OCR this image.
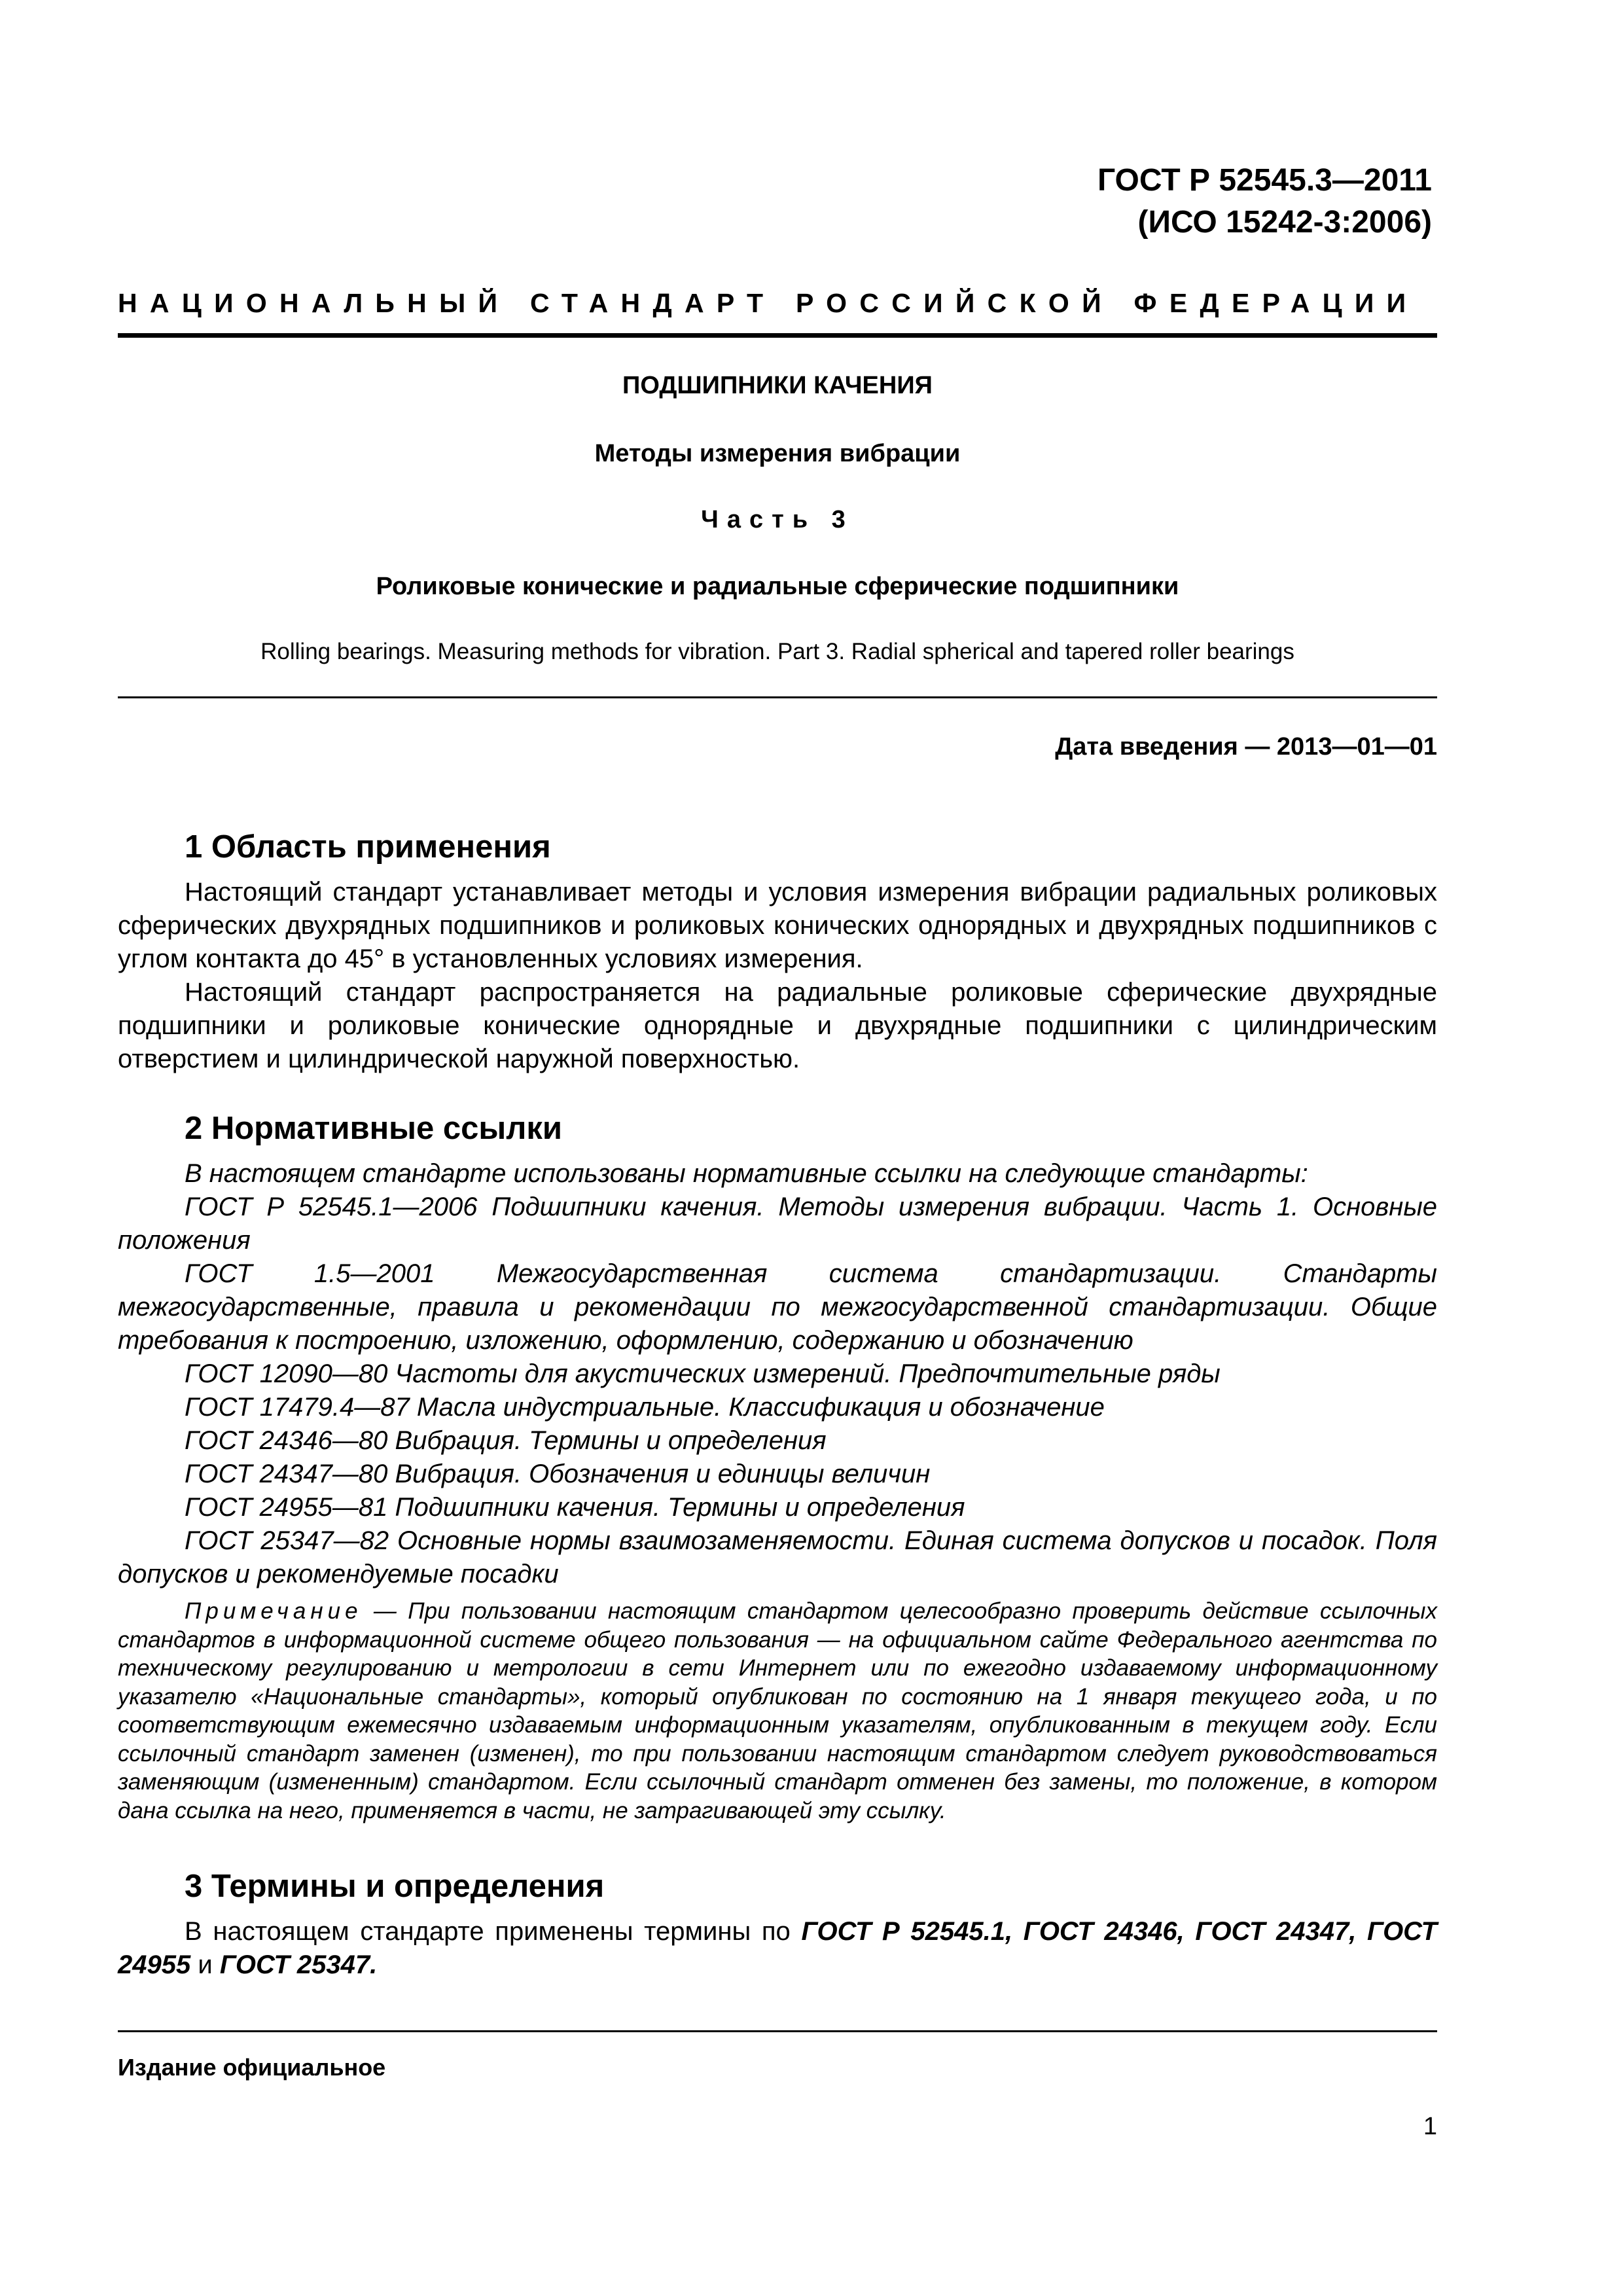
ГОСТ Р 52545.3—2011
(ИСО 15242-3:2006)
НАЦИОНАЛЬНЫЙ СТАНДАРТ РОССИЙСКОЙ ФЕДЕРАЦИИ
ПОДШИПНИКИ КАЧЕНИЯ
Методы измерения вибрации
Часть 3
Роликовые конические и радиальные сферические подшипники
Rolling bearings. Measuring methods for vibration. Part 3. Radial spherical and tapered roller bearings
Дата введения — 2013—01—01
1 Область применения

Настоящий стандарт устанавливает методы и условия измерения вибрации радиальных роликовых сферических двухрядных подшипников и роликовых конических однорядных и двухрядных подшипников с углом контакта до 45° в установленных условиях измерения.

Настоящий стандарт распространяется на радиальные роликовые сферические двухрядные подшипники и роликовые конические однорядные и двухрядные подшипники с цилиндрическим отверстием и цилиндрической наружной поверхностью.

2 Нормативные ссылки

В настоящем стандарте использованы нормативные ссылки на следующие стандарты:

ГОСТ Р 52545.1—2006 Подшипники качения. Методы измерения вибрации. Часть 1. Основные положения

ГОСТ 1.5—2001 Межгосударственная система стандартизации. Стандарты межгосударственные, правила и рекомендации по межгосударственной стандартизации. Общие требования к построению, изложению, оформлению, содержанию и обозначению

ГОСТ 12090—80 Частоты для акустических измерений. Предпочтительные ряды

ГОСТ 17479.4—87 Масла индустриальные. Классификация и обозначение

ГОСТ 24346—80 Вибрация. Термины и определения

ГОСТ 24347—80 Вибрация. Обозначения и единицы величин

ГОСТ 24955—81 Подшипники качения. Термины и определения

ГОСТ 25347—82 Основные нормы взаимозаменяемости. Единая система допусков и посадок. Поля допусков и рекомендуемые посадки

Примечание — При пользовании настоящим стандартом целесообразно проверить действие ссылочных стандартов в информационной системе общего пользования — на официальном сайте Федерального агентства по техническому регулированию и метрологии в сети Интернет или по ежегодно издаваемому информационному указателю «Национальные стандарты», который опубликован по состоянию на 1 января текущего года, и по соответствующим ежемесячно издаваемым информационным указателям, опубликованным в текущем году. Если ссылочный стандарт заменен (изменен), то при пользовании настоящим стандартом следует руководствоваться заменяющим (измененным) стандартом. Если ссылочный стандарт отменен без замены, то положение, в котором дана ссылка на него, применяется в части, не затрагивающей эту ссылку.
3 Термины и определения

В настоящем стандарте применены термины по ГОСТ Р 52545.1, ГОСТ 24346, ГОСТ 24347, ГОСТ 24955 и ГОСТ 25347.

Издание официальное
1
